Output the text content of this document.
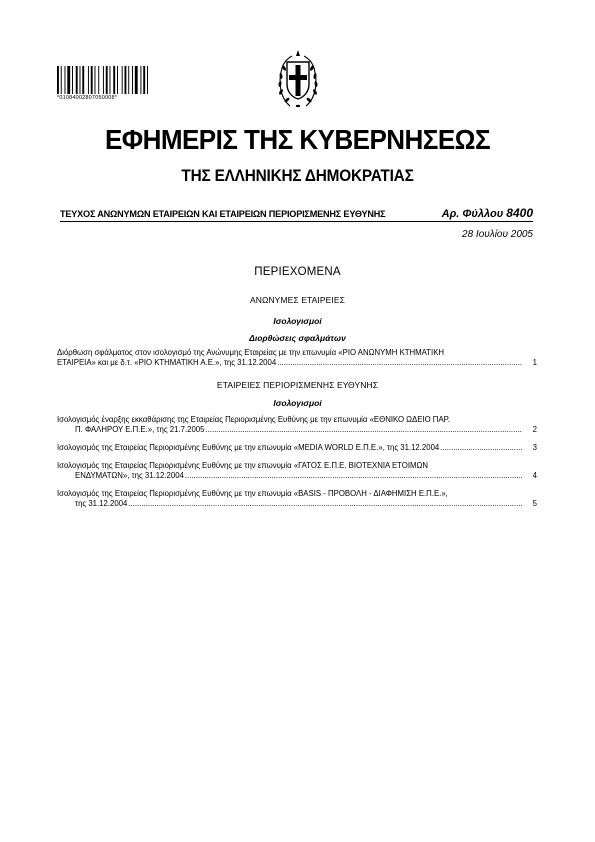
*01084002807050008*
ΕΦΗΜΕΡΙΣ ΤΗΣ ΚΥΒΕΡΝΗΣΕΩΣ
ΤΗΣ ΕΛΛΗΝΙΚΗΣ ΔΗΜΟΚΡΑΤΙΑΣ
ΤΕΥΧΟΣ ΑΝΩΝΥΜΩΝ ΕΤΑΙΡΕΙΩΝ ΚΑΙ ΕΤΑΙΡΕΙΩΝ ΠΕΡΙΟΡΙΣΜΕΝΗΣ ΕΥΘΥΝΗΣ	Αρ. Φύλλου 8400
28 Ιουλίου 2005
ΠΕΡΙΕΧΟΜΕΝΑ
ΑΝΩΝΥΜΕΣ ΕΤΑΙΡΕΙΕΣ
Ισολογισμοί
Διορθώσεις σφαλμάτων
Διόρθωση σφάλματος στον ισολογισμό της Ανώνυμης Εταιρείας με την επωνυμία «ΡΙΟ ΑΝΩΝΥΜΗ ΚΤΗΜΑΤΙΚΗ
ΕΤΑΙΡΕΙΑ» και με δ.τ. «ΡΙΟ ΚΤΗΜΑΤΙΚΗ Α.Ε.», της 31.12.2004 .....	1
ΕΤΑΙΡΕΙΕΣ ΠΕΡΙΟΡΙΣΜΕΝΗΣ ΕΥΘΥΝΗΣ
Ισολογισμοί
Ισολογισμός έναρξης εκκαθάρισης της Εταιρείας Περιορισμένης Ευθύνης με την επωνυμία «ΕΘΝΙΚΟ ΩΔΕΙΟ ΠΑΡ.
Π. ΦΑΛΗΡΟΥ Ε.Π.Ε.», της 21.7.2005 .....	2
Ισολογισμός της Εταιρείας Περιορισμένης Ευθύνης με την επωνυμία «MEDIA WORLD Ε.Π.Ε.», της 31.12.2004 .....	3
Ισολογισμός της Εταιρείας Περιορισμένης Ευθύνης με την επωνυμία «ΓΑΤΟΣ Ε.Π.Ε. ΒΙΟΤΕΧΝΙΑ ΕΤΟΙΜΩΝ
ΕΝΔΥΜΑΤΩΝ», της 31.12.2004 .....	4
Ισολογισμός της Εταιρείας Περιορισμένης Ευθύνης με την επωνυμία «BASIS - ΠΡΟΒΟΛΗ - ΔΙΑΦΗΜΙΣΗ Ε.Π.Ε.»,
της 31.12.2004 .....	5
